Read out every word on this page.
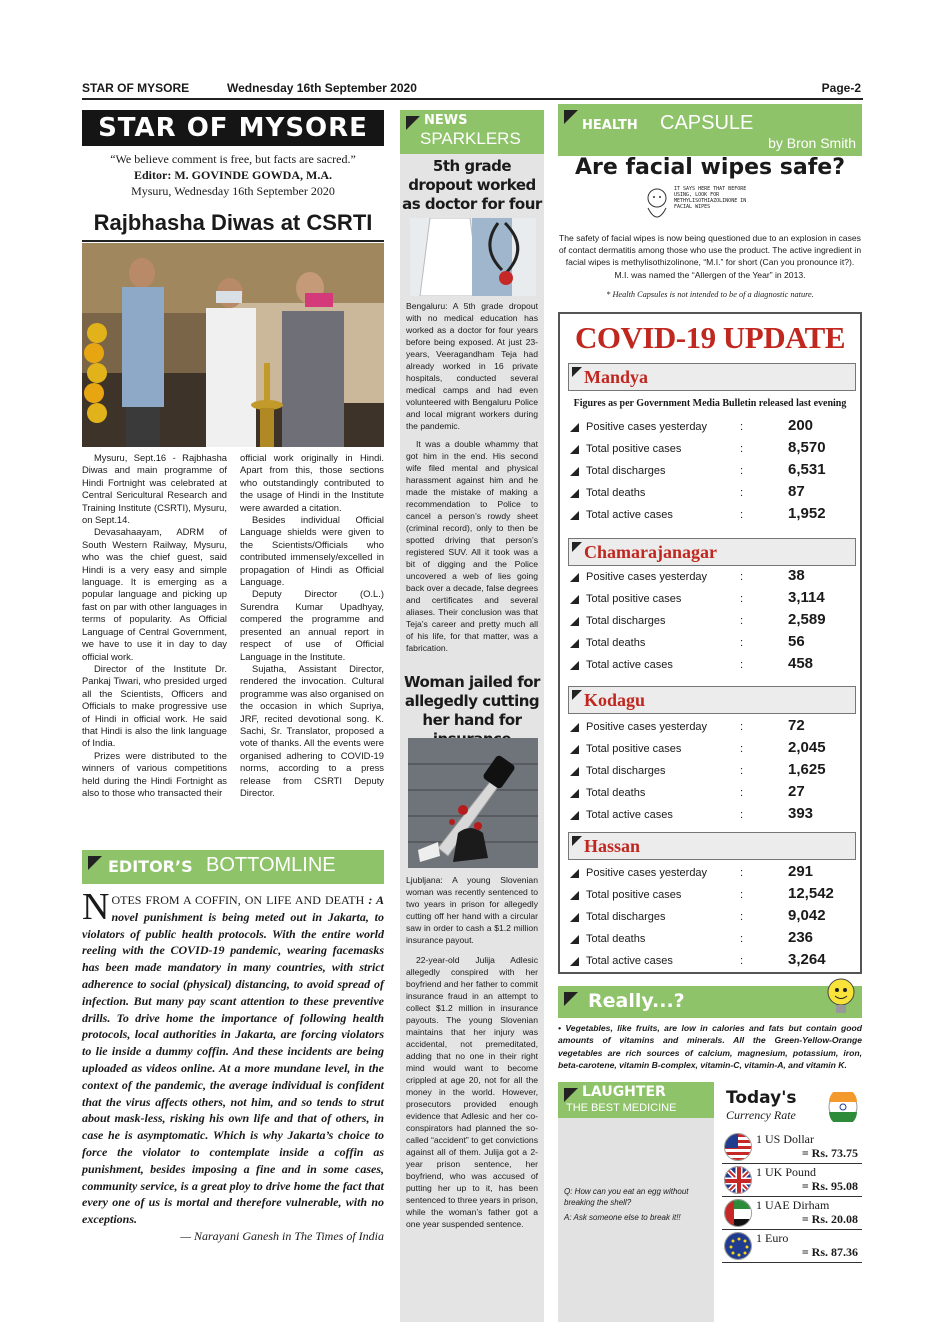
STAR OF MYSORE	Wednesday 16th September 2020	Page-2
STAR OF MYSORE
“We believe comment is free, but facts are sacred.”
Editor: M. GOVINDE GOWDA, M.A.
Mysuru, Wednesday 16th September 2020
Rajbhasha Diwas at CSRTI

Mysuru, Sept.16 - Rajbhasha Diwas and main programme of Hindi Fortnight was celebrated at Central Sericultural Research and Training Institute (CSRTI), Mysuru, on Sept.14.

Devasahaayam, ADRM of South Western Railway, Mysuru, who was the chief guest, said Hindi is a very easy and simple language. It is emerging as a popular language and picking up fast on par with other languages in terms of popularity. As Official Language of Central Government, we have to use it in day to day official work.

Director of the Institute Dr. Pankaj Tiwari, who presided urged all the Scientists, Officers and Officials to make progressive use of Hindi in official work. He said that Hindi is also the link language of India.

Prizes were distributed to the winners of various competitions held during the Hindi Fortnight as also to those who transacted their

official work originally in Hindi. Apart from this, those sections who outstandingly contributed to the usage of Hindi in the Institute were awarded a citation.

Besides individual Official Language shields were given to the Scientists/Officials who contributed immensely/excelled in propagation of Hindi as Official Language.

Deputy Director (O.L.) Surendra Kumar Upadhyay, compered the programme and presented an annual report in respect of use of Official Language in the Institute.

Sujatha, Assistant Director, rendered the invocation. Cultural programme was also organised on the occasion in which Supriya, JRF, recited devotional song. K. Sachi, Sr. Translator, proposed a vote of thanks. All the events were organised adhering to COVID-19 norms, according to a press release from CSRTI Deputy Director.

EDITOR’S BOTTOMLINE
NOTES FROM A COFFIN, ON LIFE AND DEATH : A novel punishment is being meted out in Jakarta, to violators of public health protocols. With the entire world reeling with the COVID-19 pandemic, wearing facemasks has been made mandatory in many countries, with strict adherence to social (physical) distancing, to avoid spread of infection. But many pay scant attention to these preventive drills. To drive home the importance of following health protocols, local authorities in Jakarta, are forcing violators to lie inside a dummy coffin. And these incidents are being uploaded as videos online. At a more mundane level, in the context of the pandemic, the average individual is confident that the virus affects others, not him, and so tends to strut about mask-less, risking his own life and that of others, in case he is asymptomatic. Which is why Jakarta’s choice to force the violator to contemplate inside a coffin as punishment, besides imposing a fine and in some cases, community service, is a great ploy to drive home the fact that every one of us is mortal and therefore vulnerable, with no exceptions.
— Narayani Ganesh in The Times of India
NEWS
SPARKLERS
5th grade dropout worked as doctor for four

Bengaluru: A 5th grade dropout with no medical education has worked as a doctor for four years before being exposed. At just 23-years, Veeragandham Teja had already worked in 16 private hospitals, conducted several medical camps and had even volunteered with Bengaluru Police and local migrant workers during the pandemic.

It was a double whammy that got him in the end. His second wife filed mental and physical harassment against him and he made the mistake of making a recommendation to Police to cancel a person’s rowdy sheet (criminal record), only to then be spotted driving that person’s registered SUV. All it took was a bit of digging and the Police uncovered a web of lies going back over a decade, false degrees and certificates and several aliases. Their conclusion was that Teja’s career and pretty much all of his life, for that matter, was a fabrication.

Woman jailed for allegedly cutting her hand for

Ljubljana: A young Slovenian woman was recently sentenced to two years in prison for allegedly cutting off her hand with a circular saw in order to cash a $1.2 million insurance payout.

22-year-old Julija Adlesic allegedly conspired with her boyfriend and her father to commit insurance fraud in an attempt to collect $1.2 million in insurance payouts. The young Slovenian maintains that her injury was accidental, not premeditated, adding that no one in their right mind would want to become crippled at age 20, not for all the money in the world. However, prosecutors provided enough evidence that Adlesic and her co-conspirators had planned the so-called “accident” to get convictions against all of them. Julija got a 2-year prison sentence, her boyfriend, who was accused of putting her up to it, has been sentenced to three years in prison, while the woman’s father got a one year suspended sentence.

HEALTH CAPSULE
by Bron Smith
Are facial wipes safe?
IT SAYS HERE THAT BEFORE USING, LOOK FOR METHYLISOTHIAZOLINONE IN FACIAL WIPES
The safety of facial wipes is now being questioned due to an explosion in cases of contact dermatitis among those who use the product. The active ingredient in facial wipes is methylisothizolinone, “M.I.” for short (Can you pronounce it?). M.I. was named the “Allergen of the Year” in 2013.
* Health Capsules is not intended to be of a diagnostic nature.
COVID-19 UPDATE
Mandya
Figures as per Government Media Bulletin released last evening
Positive cases yesterday	:	200
Total positive cases	:	8,570
Total discharges	:	6,531
Total deaths	:	87
Total active cases	:	1,952
Chamarajanagar
Positive cases yesterday	:	38
Total positive cases	:	3,114
Total discharges	:	2,589
Total deaths	:	56
Total active cases	:	458
Kodagu
Positive cases yesterday	:	72
Total positive cases	:	2,045
Total discharges	:	1,625
Total deaths	:	27
Total active cases	:	393
Hassan
Positive cases yesterday	:	291
Total positive cases	:	12,542
Total discharges	:	9,042
Total deaths	:	236
Total active cases	:	3,264
Really...?
• Vegetables, like fruits, are low in calories and fats but contain good amounts of vitamins and minerals. All the Green-Yellow-Orange vegetables are rich sources of calcium, magnesium, potassium, iron, beta-carotene, vitamin B-complex, vitamin-C, vitamin-A, and vitamin K.
LAUGHTER
THE BEST MEDICINE
Q: How can you eat an egg without breaking the shell?
A: Ask someone else to break it!!
Today's
Currency Rate
1 US Dollar
= Rs. 73.75
1 UK Pound
= Rs. 95.08
1 UAE Dirham
= Rs. 20.08
1 Euro
= Rs. 87.36
